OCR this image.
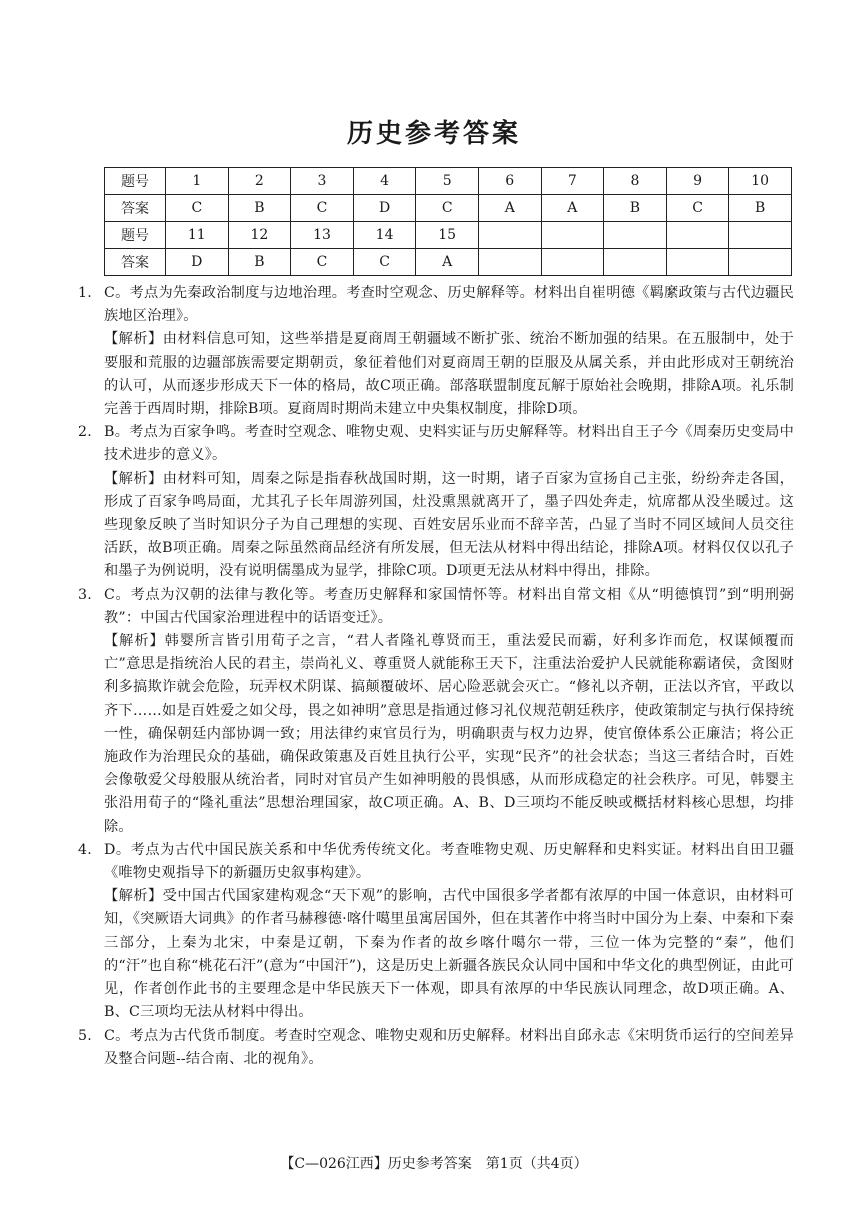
历史参考答案
题号	1	2	3	4	5	6	7	8	9	10
答案	C	B	C	D	C	A	A	B	C	B
题号	11	12	13	14	15					
答案	D	B	C	C	A					
1. C。考点为先秦政治制度与边地治理。考查时空观念、历史解释等。材料出自崔明德《羁縻政策与古代边疆民族地区治理》。

【解析】由材料信息可知，这些举措是夏商周王朝疆域不断扩张、统治不断加强的结果。在五服制中，处于要服和荒服的边疆部族需要定期朝贡，象征着他们对夏商周王朝的臣服及从属关系，并由此形成对王朝统治的认可，从而逐步形成天下一体的格局，故C项正确。部落联盟制度瓦解于原始社会晚期，排除A项。礼乐制完善于西周时期，排除B项。夏商周时期尚未建立中央集权制度，排除D项。

2. B。考点为百家争鸣。考查时空观念、唯物史观、史料实证与历史解释等。材料出自王子今《周秦历史变局中技术进步的意义》。

【解析】由材料可知，周秦之际是指春秋战国时期，这一时期，诸子百家为宣扬自己主张，纷纷奔走各国，形成了百家争鸣局面，尤其孔子长年周游列国，灶没熏黑就离开了，墨子四处奔走，炕席都从没坐暖过。这些现象反映了当时知识分子为自己理想的实现、百姓安居乐业而不辞辛苦，凸显了当时不同区域间人员交往活跃，故B项正确。周秦之际虽然商品经济有所发展，但无法从材料中得出结论，排除A项。材料仅仅以孔子和墨子为例说明，没有说明儒墨成为显学，排除C项。D项更无法从材料中得出，排除。

3. C。考点为汉朝的法律与教化等。考查历史解释和家国情怀等。材料出自常文相《从“明德慎罚”到“明刑弼教”：中国古代国家治理进程中的话语变迁》。

【解析】韩婴所言皆引用荀子之言，“君人者隆礼尊贤而王，重法爱民而霸，好利多诈而危，权谋倾覆而亡”意思是指统治人民的君主，崇尚礼义、尊重贤人就能称王天下，注重法治爱护人民就能称霸诸侯，贪图财利多搞欺诈就会危险，玩弄权术阴谋、搞颠覆破坏、居心险恶就会灭亡。“修礼以齐朝，正法以齐官，平政以齐下……如是百姓爱之如父母，畏之如神明”意思是指通过修习礼仪规范朝廷秩序，使政策制定与执行保持统一性，确保朝廷内部协调一致；用法律约束官员行为，明确职责与权力边界，使官僚体系公正廉洁；将公正施政作为治理民众的基础，确保政策惠及百姓且执行公平，实现“民齐”的社会状态；当这三者结合时，百姓会像敬爱父母般服从统治者，同时对官员产生如神明般的畏惧感，从而形成稳定的社会秩序。可见，韩婴主张沿用荀子的“隆礼重法”思想治理国家，故C项正确。A、B、D三项均不能反映或概括材料核心思想，均排除。

4. D。考点为古代中国民族关系和中华优秀传统文化。考查唯物史观、历史解释和史料实证。材料出自田卫疆《唯物史观指导下的新疆历史叙事构建》。

【解析】受中国古代国家建构观念“天下观”的影响，古代中国很多学者都有浓厚的中国一体意识，由材料可知，《突厥语大词典》的作者马赫穆德·喀什噶里虽寓居国外，但在其著作中将当时中国分为上秦、中秦和下秦三部分，上秦为北宋，中秦是辽朝，下秦为作者的故乡喀什噶尔一带，三位一体为完整的“秦”，他们的“汗”也自称“桃花石汗”(意为“中国汗”)，这是历史上新疆各族民众认同中国和中华文化的典型例证，由此可见，作者创作此书的主要理念是中华民族天下一体观，即具有浓厚的中华民族认同理念，故D项正确。A、B、C三项均无法从材料中得出。

5. C。考点为古代货币制度。考查时空观念、唯物史观和历史解释。材料出自邱永志《宋明货币运行的空间差异及整合问题--结合南、北的视角》。

【C—026江西】历史参考答案　第1页（共4页）
